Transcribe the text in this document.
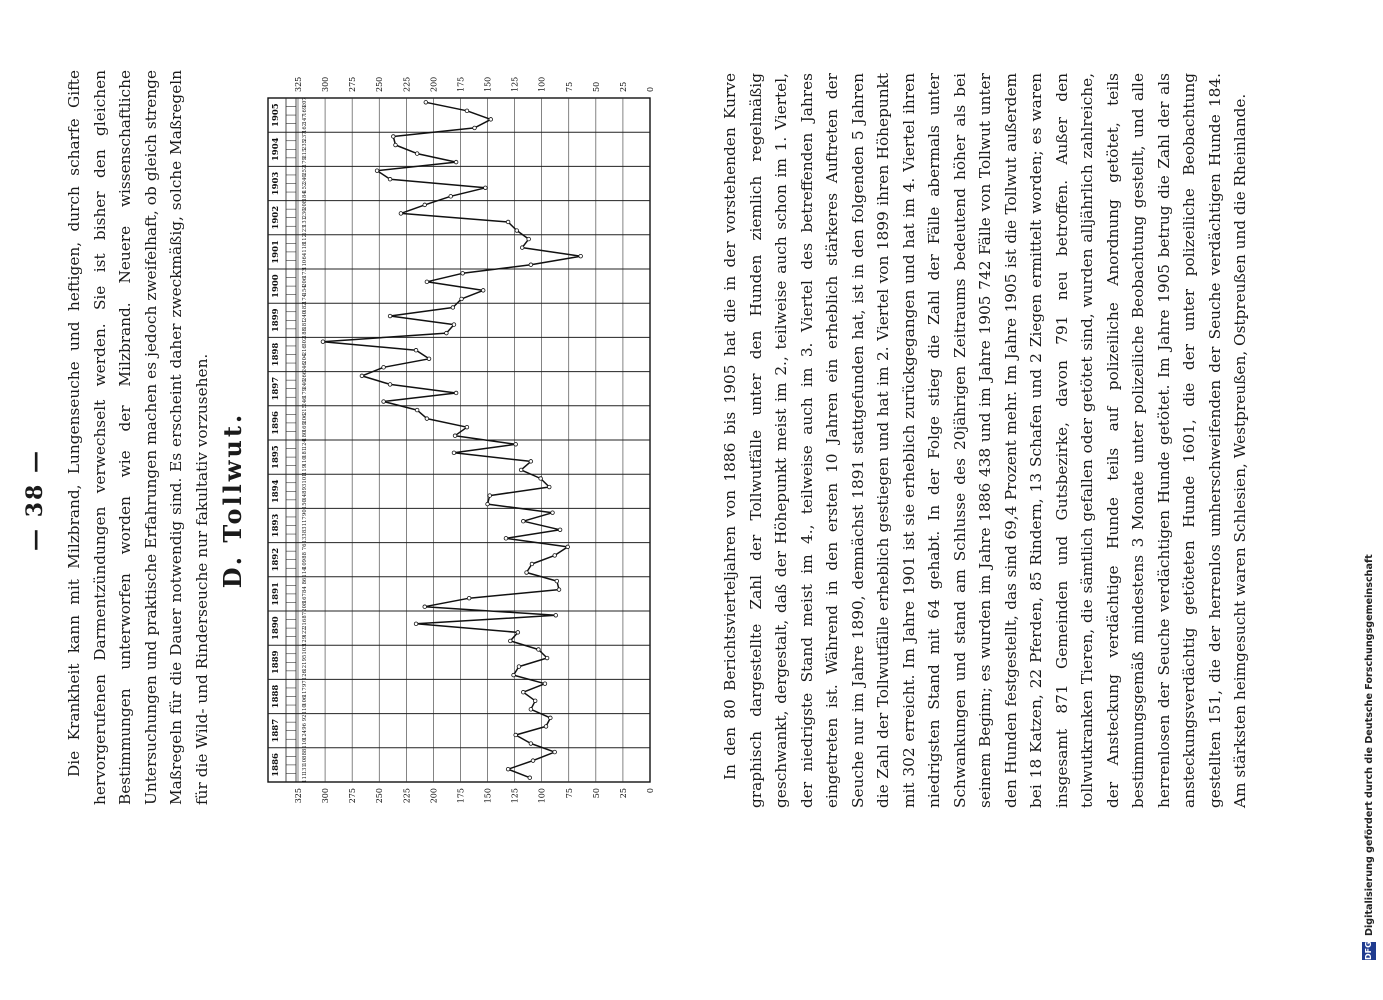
— 38 — Die Krankheit kann mit Milzbrand, Lungenseuche und heftigen, durch scharfe Gifte hervorgerufenen Darmentzündungen verwechselt werden. Sie ist bisher den gleichen Bestimmungen unterworfen worden wie der Milzbrand. Neuere wissenschaftliche Untersuchungen und praktische Erfahrungen machen es jedoch zweifelhaft, ob gleich strenge Maßregeln für die Dauer notwendig sind. Es erscheint daher zweckmäßig, solche Maßregeln für die Wild- und Rinderseuche nur fakultativ vorzusehen. D. Tollwut.
0
0
25
25
50
50
75
75
100
100
125
125
150
150
175
175
200
200
225
225
250
250
275
275
300
300
325
325
1886
1887
1888
1889
1890
1891
1892
1893
1894
1895
1896
1897
1898
1899
1900
1901
1902
1903
1904
1905
111
131
108
88
110
124
96
92
110
106
117
97
126
121
95
103
129
122
216
87
208
167
84
86
114
109
88
76
133
83
117
90
150
148
93
101
119
110
181
124
180
169
206
215
246
179
240
266
246
204
216
302
188
181
240
182
174
154
206
173
110
64
118
112
123
131
230
208
184
152
240
252
179
215
235
237
162
147
169
207	In den 80 Berichtsvierteljahren von 1886 bis 1905 hat die in der vorstehenden Kurve graphisch dargestellte Zahl der Tollwutfälle unter den Hunden ziemlich regelmäßig geschwankt, dergestalt, daß der Höhepunkt meist im 2., teilweise auch schon im 1. Viertel, der niedrigste Stand meist im 4., teilweise auch im 3. Viertel des betreffenden Jahres eingetreten ist. Während in den ersten 10 Jahren ein erheblich stärkeres Auftreten der Seuche nur im Jahre 1890, demnächst 1891 stattgefunden hat, ist in den folgenden 5 Jahren die Zahl der Tollwutfälle erheblich gestiegen und hat im 2. Viertel von 1899 ihren Höhepunkt mit 302 erreicht. Im Jahre 1901 ist sie erheblich zurückgegangen und hat im 4. Viertel ihren niedrigsten Stand mit 64 gehabt. In der Folge stieg die Zahl der Fälle abermals unter Schwankungen und stand am Schlusse des 20jährigen Zeitraums bedeutend höher als bei seinem Beginn; es wurden im Jahre 1886 438 und im Jahre 1905 742 Fälle von Tollwut unter den Hunden festgestellt, das sind 69,4 Prozent mehr. Im Jahre 1905 ist die Tollwut außerdem bei 18 Katzen, 22 Pferden, 85 Rindern, 13 Schafen und 2 Ziegen ermittelt worden; es waren insgesamt 871 Gemeinden und Gutsbezirke, davon 791 neu betroffen. Außer den tollwutkranken Tieren, die sämtlich gefallen oder getötet sind, wurden alljährlich zahlreiche, der Ansteckung verdächtige Hunde teils auf polizeiliche Anordnung getötet, teils bestimmungsgemäß mindestens 3 Monate unter polizeiliche Beobachtung gestellt, und alle herrenlosen der Seuche verdächtigen Hunde getötet. Im Jahre 1905 betrug die Zahl der als ansteckungsverdächtig getöteten Hunde 1601, die der unter polizeiliche Beobachtung gestellten 151, die der herrenlos umherschweifenden der Seuche verdächtigen Hunde 184. Am stärksten heimgesucht waren Schlesien, Westpreußen, Ostpreußen und die Rheinlande.

DFG
Digitalisierung gefördert durch die Deutsche Forschungsgemeinschaft
